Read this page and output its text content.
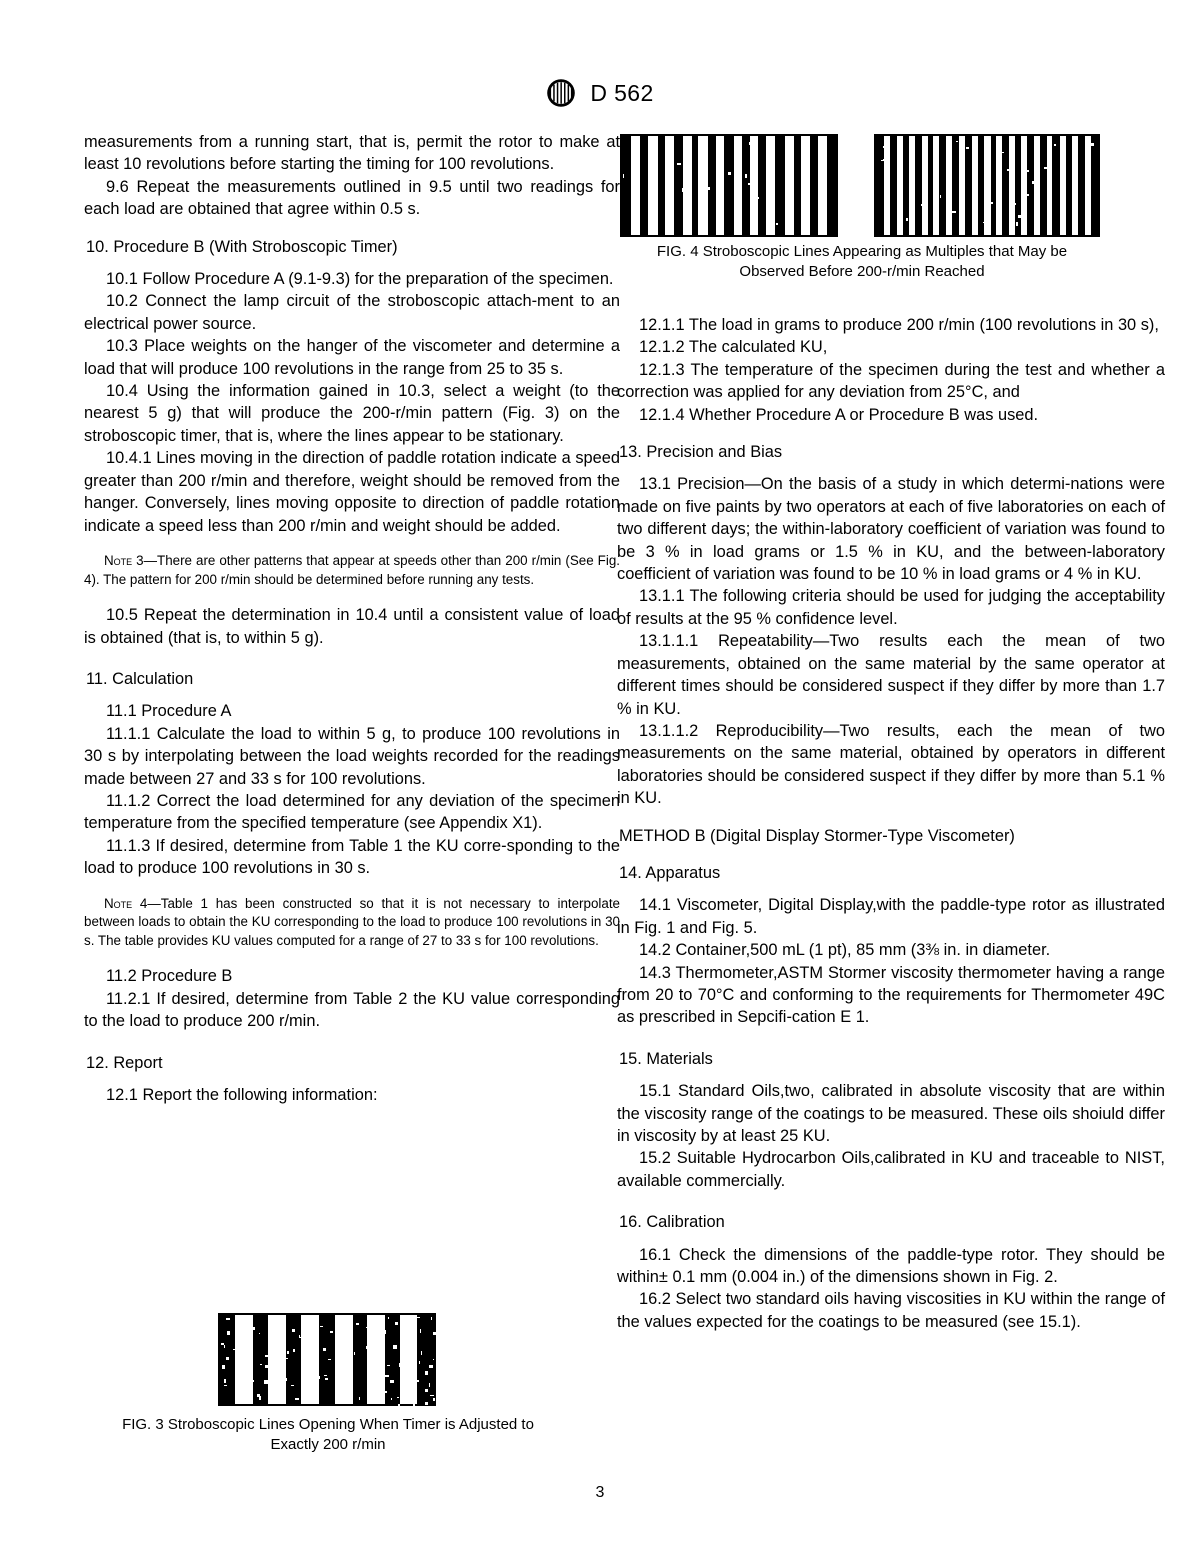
D 562
FIG. 4 Stroboscopic Lines Appearing as Multiples that May be
Observed Before 200-r/min Reached

measurements from a running start, that is, permit the rotor to make at least 10 revolutions before starting the timing for 100 revolutions.

9.6 Repeat the measurements outlined in 9.5 until two readings for each load are obtained that agree within 0.5 s.

10. Procedure B (With Stroboscopic Timer)

10.1 Follow Procedure A (9.1-9.3) for the preparation of the specimen.

10.2 Connect the lamp circuit of the stroboscopic attach-ment to an electrical power source.

10.3 Place weights on the hanger of the viscometer and determine a load that will produce 100 revolutions in the range from 25 to 35 s.

10.4 Using the information gained in 10.3, select a weight (to the nearest 5 g) that will produce the 200-r/min pattern (Fig. 3) on the stroboscopic timer, that is, where the lines appear to be stationary.

10.4.1 Lines moving in the direction of paddle rotation indicate a speed greater than 200 r/min and therefore, weight should be removed from the hanger. Conversely, lines moving opposite to direction of paddle rotation indicate a speed less than 200 r/min and weight should be added.

Note 3—There are other patterns that appear at speeds other than 200 r/min (See Fig. 4). The pattern for 200 r/min should be determined before running any tests.

10.5 Repeat the determination in 10.4 until a consistent value of load is obtained (that is, to within 5 g).

11. Calculation

11.1 Procedure A

11.1.1 Calculate the load to within 5 g, to produce 100 revolutions in 30 s by interpolating between the load weights recorded for the readings made between 27 and 33 s for 100 revolutions.

11.1.2 Correct the load determined for any deviation of the specimen temperature from the specified temperature (see Appendix X1).

11.1.3 If desired, determine from Table 1 the KU corre-sponding to the load to produce 100 revolutions in 30 s.

Note 4—Table 1 has been constructed so that it is not necessary to interpolate between loads to obtain the KU corresponding to the load to produce 100 revolutions in 30 s. The table provides KU values computed for a range of 27 to 33 s for 100 revolutions.

11.2 Procedure B

11.2.1 If desired, determine from Table 2 the KU value corresponding to the load to produce 200 r/min.

12. Report

12.1 Report the following information:

12.1.1 The load in grams to produce 200 r/min (100 revolutions in 30 s),

12.1.2 The calculated KU,

12.1.3 The temperature of the specimen during the test and whether a correction was applied for any deviation from 25°C, and

12.1.4 Whether Procedure A or Procedure B was used.

13. Precision and Bias

13.1 Precision—On the basis of a study in which determi-nations were made on five paints by two operators at each of five laboratories on each of two different days; the within-laboratory coefficient of variation was found to be 3 % in load grams or 1.5 % in KU, and the between-laboratory coefficient of variation was found to be 10 % in load grams or 4 % in KU.

13.1.1 The following criteria should be used for judging the acceptability of results at the 95 % confidence level.

13.1.1.1 Repeatability—Two results each the mean of two measurements, obtained on the same material by the same operator at different times should be considered suspect if they differ by more than 1.7 % in KU.

13.1.1.2 Reproducibility—Two results, each the mean of two measurements on the same material, obtained by operators in different laboratories should be considered suspect if they differ by more than 5.1 % in KU.

METHOD B (Digital Display Stormer-Type Viscometer)

14. Apparatus

14.1 Viscometer, Digital Display,with the paddle-type rotor as illustrated in Fig. 1 and Fig. 5.

14.2 Container,500 mL (1 pt), 85 mm (3⅜ in. in diameter.

14.3 Thermometer,ASTM Stormer viscosity thermometer having a range from 20 to 70°C and conforming to the requirements for Thermometer 49C as prescribed in Sepcifi-cation E 1.

15. Materials

15.1 Standard Oils,two, calibrated in absolute viscosity that are within the viscosity range of the coatings to be measured. These oils shoiuld differ in viscosity by at least 25 KU.

15.2 Suitable Hydrocarbon Oils,calibrated in KU and traceable to NIST, available commercially.

16. Calibration

16.1 Check the dimensions of the paddle-type rotor. They should be within± 0.1 mm (0.004 in.) of the dimensions shown in Fig. 2.

16.2 Select two standard oils having viscosities in KU within the range of the values expected for the coatings to be measured (see 15.1).

FIG. 3 Stroboscopic Lines Opening When Timer is Adjusted to
Exactly 200 r/min
3
